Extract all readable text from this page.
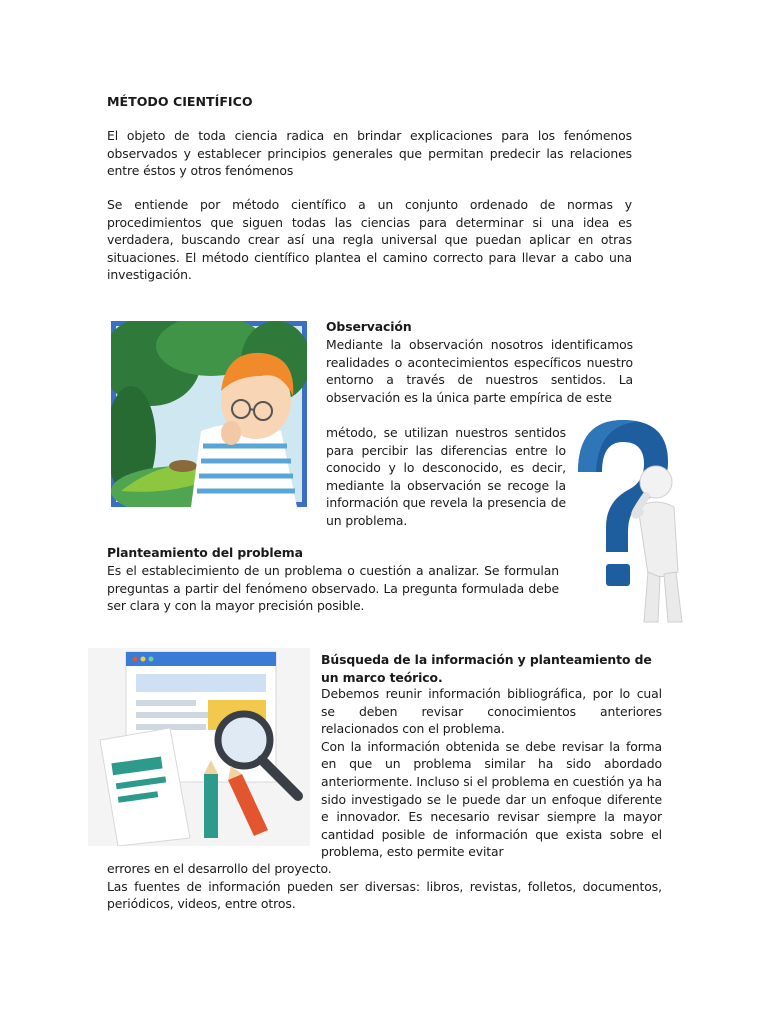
MÉTODO CIENTÍFICO

El objeto de toda ciencia radica en brindar explicaciones para los fenómenos observados y establecer principios generales que permitan predecir las relaciones entre éstos y otros fenómenos

Se entiende por método científico a un conjunto ordenado de normas y procedimientos que siguen todas las ciencias para determinar si una idea es verdadera, buscando crear así una regla universal que puedan aplicar en otras situaciones. El método científico plantea el camino correcto para llevar a cabo una investigación.

Observación

Mediante la observación nosotros identificamos realidades o acontecimientos específicos nuestro entorno a través de nuestros sentidos. La observación es la única parte empírica de este

método, se utilizan nuestros sentidos para percibir las diferencias entre lo conocido y lo desconocido, es decir, mediante la observación se recoge la información que revela la presencia de un problema.

Planteamiento del problema

Es el establecimiento de un problema o cuestión a analizar. Se formulan preguntas a partir del fenómeno observado. La pregunta formulada debe ser clara y con la mayor precisión posible.

Búsqueda de la información y planteamiento de un marco teórico.

Debemos reunir información bibliográfica, por lo cual se deben revisar conocimientos anteriores relacionados con el problema.

Con la información obtenida se debe revisar la forma en que un problema similar ha sido abordado anteriormente. Incluso si el problema en cuestión ya ha sido investigado se le puede dar un enfoque diferente e innovador. Es necesario revisar siempre la mayor cantidad posible de información que exista sobre el problema, esto permite evitar

errores en el desarrollo del proyecto.

Las fuentes de información pueden ser diversas: libros, revistas, folletos, documentos, periódicos, videos, entre otros.
